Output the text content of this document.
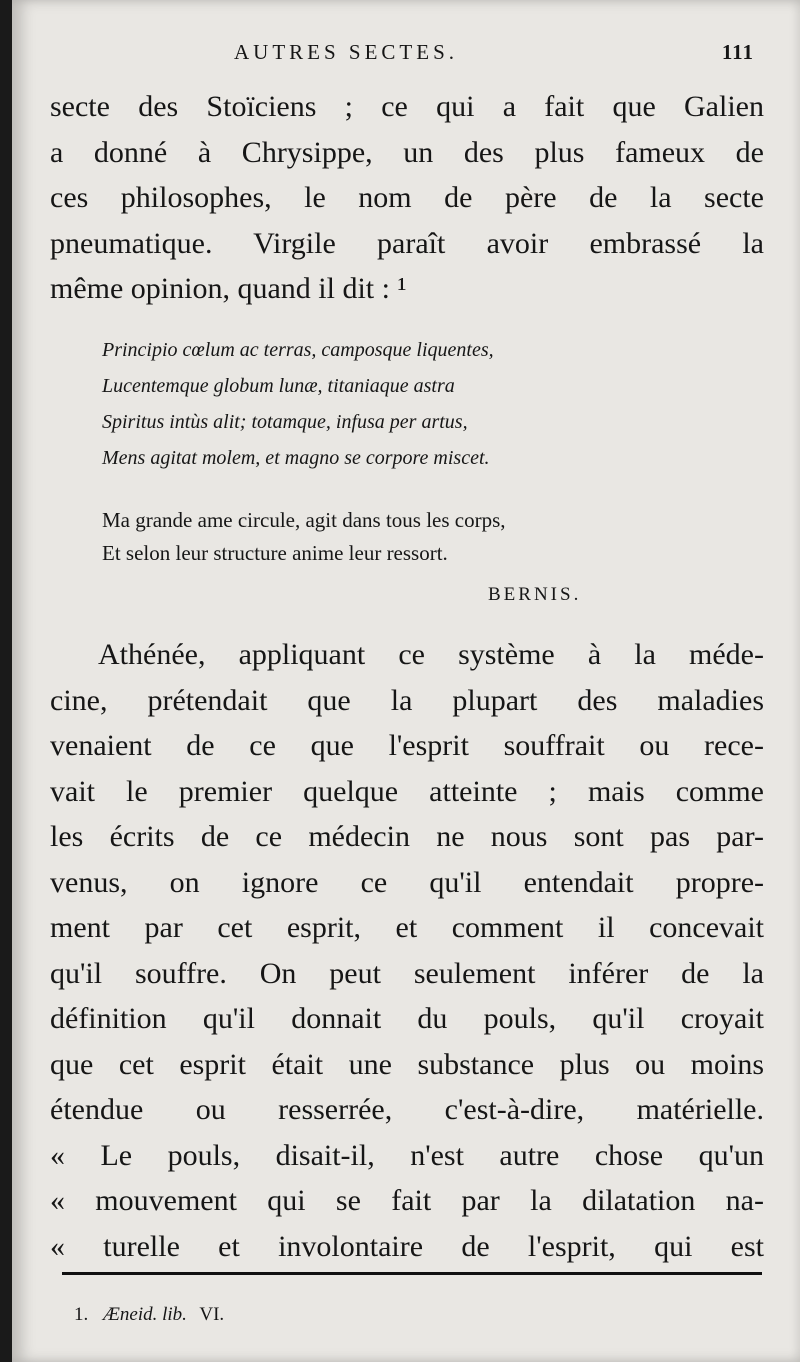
AUTRES SECTES.	111
secte des Stoïciens ; ce qui a fait que Galien
a donné à Chrysippe, un des plus fameux de
ces philosophes, le nom de père de la secte
pneumatique. Virgile paraît avoir embrassé la
même opinion, quand il dit : ¹
Principio cœlum ac terras, camposque liquentes,
Lucentemque globum lunæ, titaniaque astra
Spiritus intùs alit; totamque, infusa per artus,
Mens agitat molem, et magno se corpore miscet.
Ma grande ame circule, agit dans tous les corps,
Et selon leur structure anime leur ressort.
BERNIS.
Athénée, appliquant ce système à la méde-
cine, prétendait que la plupart des maladies
venaient de ce que l'esprit souffrait ou rece-
vait le premier quelque atteinte ; mais comme
les écrits de ce médecin ne nous sont pas par-
venus, on ignore ce qu'il entendait propre-
ment par cet esprit, et comment il concevait
qu'il souffre. On peut seulement inférer de la
définition qu'il donnait du pouls, qu'il croyait
que cet esprit était une substance plus ou moins
étendue ou resserrée, c'est-à-dire, matérielle.
« Le pouls, disait-il, n'est autre chose qu'un
« mouvement qui se fait par la dilatation na-
« turelle et involontaire de l'esprit, qui est
1. Æneid. lib. VI.
